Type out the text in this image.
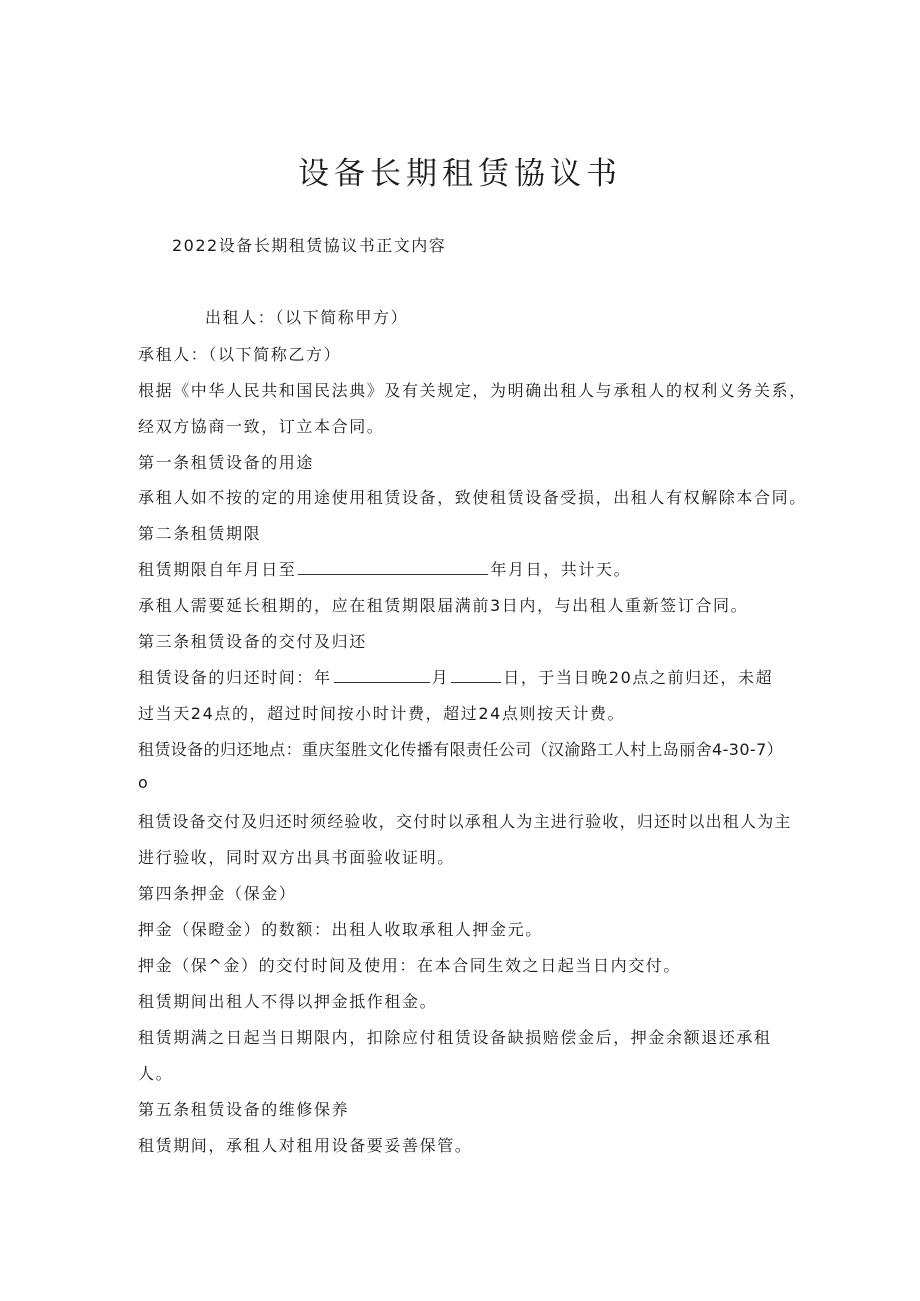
设备长期租赁協议书
2022设备长期租赁協议书正文内容
出租人：（以下简称甲方）
承租人：（以下简称乙方）
根据《中华人民共和国民法典》及有关规定，为明确出租人与承租人的权利义务关系，
经双方協商一致，订立本合同。
第一条租赁设备的用途
承租人如不按的定的用途使用租赁设备，致使租赁设备受损，出租人有权解除本合同。
第二条租赁期限
租赁期限自年月日至	年月日，共计天。
承租人需要延长租期的，应在租赁期限届满前3日内，与出租人重新签订合同。
第三条租赁设备的交付及归还
租赁设备的归还时间：年	月	日，于当日晚20点之前归还，未超
过当天24点的，超过时间按小时计费，超过24点则按天计费。
租赁设备的归还地点：重庆玺胜文化传播有限责任公司（汉渝路工人村上岛丽舍4-30-7）
o
租赁设备交付及归还时须经验收，交付时以承租人为主进行验收，归还时以出租人为主
进行验收，同时双方出具书面验收证明。
第四条押金（保金）
押金（保瞪金）的数额：出租人收取承租人押金元。
押金（保^金）的交付时间及使用：在本合同生效之日起当日内交付。
租赁期间出租人不得以押金抵作租金。
租赁期满之日起当日期限内，扣除应付租赁设备缺损赔偿金后，押金余额退还承租
人。
第五条租赁设备的维修保养
租赁期间，承租人对租用设备要妥善保管。
